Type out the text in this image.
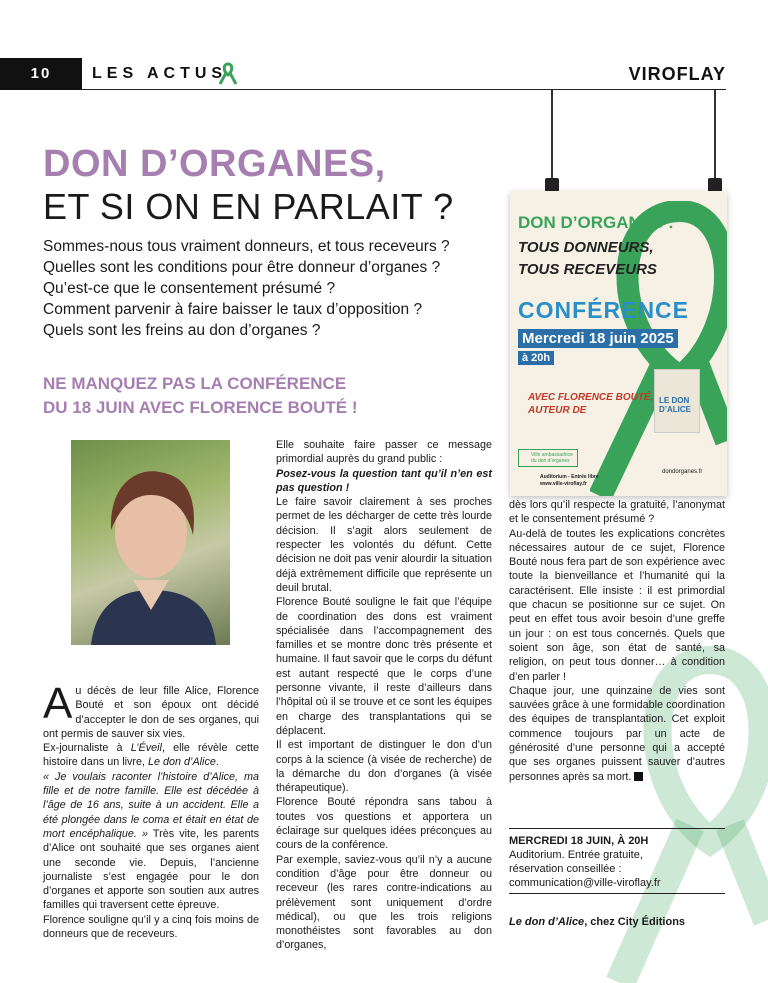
10	LES ACTUS	VIROFLAY
DON D’ORGANES,
ET SI ON EN PARLAIT ?
Sommes-nous tous vraiment donneurs, et tous receveurs ?
Quelles sont les conditions pour être donneur d’organes ?
Qu’est-ce que le consentement présumé ?
Comment parvenir à faire baisser le taux d’opposition ?
Quels sont les freins au don d’organes ?
NE MANQUEZ PAS LA CONFÉRENCE
DU 18 JUIN AVEC FLORENCE BOUTÉ !

Au décès de leur fille Alice, Florence Bouté et son époux ont décidé d’accepter le don de ses organes, qui ont permis de sauver six vies.

Ex-journaliste à L’Éveil, elle révèle cette histoire dans un livre, Le don d’Alice.

« Je voulais raconter l’histoire d’Alice, ma fille et de notre famille. Elle est décédée à l’âge de 16 ans, suite à un accident. Elle a été plongée dans le coma et était en état de mort encéphalique. » Très vite, les parents d’Alice ont souhaité que ses organes aient une seconde vie. Depuis, l’ancienne journaliste s’est engagée pour le don d’organes et apporte son soutien aux autres familles qui traversent cette épreuve.

Florence souligne qu’il y a cinq fois moins de donneurs que de receveurs.

Elle souhaite faire passer ce message primordial auprès du grand public :

Posez-vous la question tant qu’il n’en est pas question !

Le faire savoir clairement à ses proches permet de les décharger de cette très lourde décision. Il s’agit alors seulement de respecter les volontés du défunt. Cette décision ne doit pas venir alourdir la situation déjà extrêmement difficile que représente un deuil brutal.

Florence Bouté souligne le fait que l’équipe de coordination des dons est vraiment spécialisée dans l’accompagnement des familles et se montre donc très présente et humaine. Il faut savoir que le corps du défunt est autant respecté que le corps d’une personne vivante, il reste d’ailleurs dans l’hôpital où il se trouve et ce sont les équipes en charge des transplantations qui se déplacent.

Il est important de distinguer le don d’un corps à la science (à visée de recherche) de la démarche du don d’organes (à visée thérapeutique).

Florence Bouté répondra sans tabou à toutes vos questions et apportera un éclairage sur quelques idées préconçues au cours de la conférence.

Par exemple, saviez-vous qu’il n’y a aucune condition d’âge pour être donneur ou receveur (les rares contre-indications au prélèvement sont uniquement d’ordre médical), ou que les trois religions monothéistes sont favorables au don d’organes,

dès lors qu’il respecte la gratuité, l’anonymat et le consentement présumé ?

Au-delà de toutes les explications concrètes nécessaires autour de ce sujet, Florence Bouté nous fera part de son expérience avec toute la bienveillance et l’humanité qui la caractérisent. Elle insiste : il est primordial que chacun se positionne sur ce sujet. On peut en effet tous avoir besoin d’une greffe un jour : on est tous concernés. Quels que soient son âge, son état de santé, sa religion, on peut tous donner… à condition d’en parler !

Chaque jour, une quinzaine de vies sont sauvées grâce à une formidable coordination des équipes de transplantation. Cet exploit commence toujours par un acte de générosité d’une personne qui a accepté que ses organes puissent sauver d’autres personnes après sa mort.

MERCREDI 18 JUIN, À 20H
Auditorium. Entrée gratuite,
réservation conseillée :
communication@ville-viroflay.fr
Le don d’Alice, chez City Éditions
DON D’ORGANES :
TOUS DONNEURS,
TOUS RECEVEURS
CONFÉRENCE
Mercredi 18 juin 2025
à 20h
AVEC FLORENCE BOUTÉ,
AUTEUR DE
LE DON D’ALICE
Ville ambassadrice du don d’organes
Auditorium - Entrée libre
www.ville-viroflay.fr
dondorganes.fr
